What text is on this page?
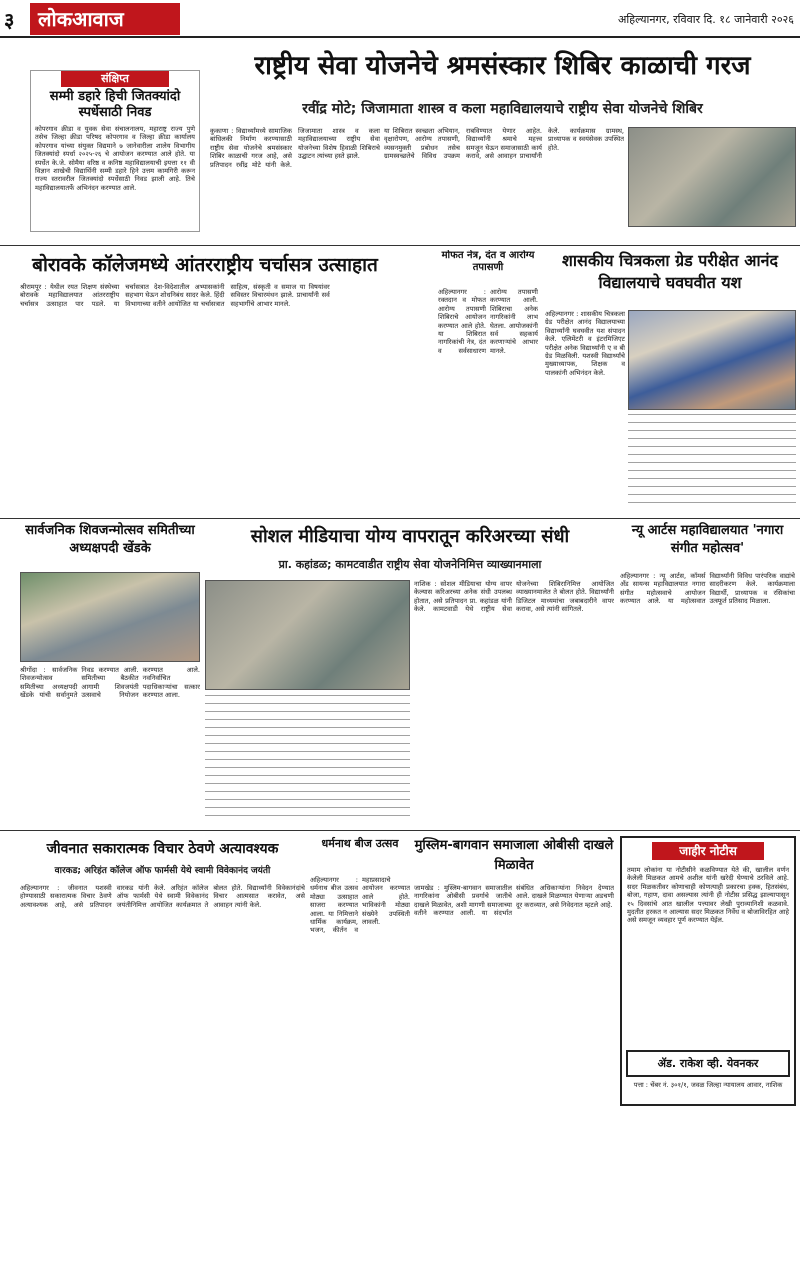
३	लोकआवाज	अहिल्यानगर, रविवार दि. १८ जानेवारी २०२६
संक्षिप्त
सम्मी डहारे हिची जितक्यांदो स्पर्धेसाठी निवड
कोपरगाव क्रीडा व युवक सेवा संचालनालय, महाराष्ट्र राज्य पुणे तसेच जिल्हा क्रीडा परिषद कोपरगाव व जिल्हा क्रीडा कार्यालय कोपरगाव यांच्या संयुक्त विद्यमाने ७ जानेवारीला शालेय विभागीय जितक्यांदो स्पर्धा २०२५-२६ चे आयोजन करण्यात आले होते. या स्पर्धेत के.जे. सोमैया वरिष्ठ व कनिष्ठ महाविद्यालयाची इयत्ता ११ वी विज्ञान शाखेची विद्यार्थिनी सम्मी डहारे हिने उत्तम कामगिरी करून राज्य स्तरावरील जितक्यांदो स्पर्धेसाठी निवड झाली आहे. तिचे महाविद्यालयातर्फे अभिनंदन करण्यात आले.
राष्ट्रीय सेवा योजनेचे श्रमसंस्कार शिबिर काळाची गरज
रवींद्र मोटे; जिजामाता शास्त्र व कला महाविद्यालयाचे राष्ट्रीय सेवा योजनेचे शिबिर
कुकाणा : विद्यार्थ्यांमध्ये सामाजिक बांधिलकी निर्माण करण्यासाठी राष्ट्रीय सेवा योजनेचे श्रमसंस्कार शिबिर काळाची गरज आहे, असे प्रतिपादन रवींद्र मोटे यांनी केले. जिजामाता शास्त्र व कला महाविद्यालयाच्या राष्ट्रीय सेवा योजनेच्या विशेष हिवाळी शिबिराचे उद्घाटन त्यांच्या हस्ते झाले.
या शिबिरात स्वच्छता अभियान, वृक्षारोपण, आरोग्य तपासणी, व्यसनमुक्ती प्रबोधन तसेच ग्रामस्वच्छतेचे विविध उपक्रम राबविण्यात येणार आहेत. विद्यार्थ्यांनी श्रमाचे महत्त्व समजून घेऊन समाजासाठी कार्य करावे, असे आवाहन प्राचार्यांनी केले. कार्यक्रमास ग्रामस्थ, प्राध्यापक व स्वयंसेवक उपस्थित होते.
बोरावके कॉलेजमध्ये आंतरराष्ट्रीय चर्चासत्र उत्साहात
श्रीरामपूर : येथील रयत शिक्षण संस्थेच्या बोरावके महाविद्यालयात आंतरराष्ट्रीय चर्चासत्र उत्साहात पार पडले. या चर्चासत्रात देश-विदेशातील अभ्यासकांनी सहभाग घेऊन शोधनिबंध सादर केले. हिंदी विभागाच्या वतीने आयोजित या चर्चासत्रात साहित्य, संस्कृती व समाज या विषयांवर सविस्तर विचारमंथन झाले. प्राचार्यांनी सर्व सहभागींचे आभार मानले.
मोफत नेत्र, दंत व आरोग्य तपासणी
अहिल्यानगर : रक्तदान व मोफत आरोग्य तपासणी शिबिराचे आयोजन करण्यात आले होते. या शिबिरात नागरिकांची नेत्र, दंत व सर्वसाधारण आरोग्य तपासणी करण्यात आली. शिबिराचा अनेक नागरिकांनी लाभ घेतला. आयोजकांनी सर्व सहकार्य करणाऱ्यांचे आभार मानले.
शासकीय चित्रकला ग्रेड परीक्षेत आनंद विद्यालयाचे घवघवीत यश
अहिल्यानगर : शासकीय चित्रकला ग्रेड परीक्षेत आनंद विद्यालयाच्या विद्यार्थ्यांनी घवघवीत यश संपादन केले. एलिमेंटरी व इंटरमिजिएट परीक्षेत अनेक विद्यार्थ्यांनी ए व बी ग्रेड मिळविली. यशस्वी विद्यार्थ्यांचे मुख्याध्यापक, शिक्षक व पालकांनी अभिनंदन केले.
सार्वजनिक शिवजन्मोत्सव समितीच्या अध्यक्षपदी खेंडके
श्रीगोंदा : सार्वजनिक शिवजन्मोत्सव समितीच्या अध्यक्षपदी खेंडके यांची सर्वानुमते निवड करण्यात आली. समितीच्या बैठकीत आगामी शिवजयंती उत्सवाचे नियोजन करण्यात आले. नवनिर्वाचित पदाधिकाऱ्यांचा सत्कार करण्यात आला.
सोशल मीडियाचा योग्य वापरातून करिअरच्या संधी
प्रा. कहांडळ; कामटवाडीत राष्ट्रीय सेवा योजनेनिमित्त व्याख्यानमाला
नाशिक : सोशल मीडियाचा योग्य वापर केल्यास करिअरच्या अनेक संधी उपलब्ध होतात, असे प्रतिपादन प्रा. कहांडळ यांनी केले. कामटवाडी येथे राष्ट्रीय सेवा योजनेच्या शिबिरानिमित्त आयोजित व्याख्यानमालेत ते बोलत होते. विद्यार्थ्यांनी डिजिटल माध्यमांचा जबाबदारीने वापर करावा, असे त्यांनी सांगितले.
न्यू आर्टस महाविद्यालयात 'नगारा संगीत महोत्सव'
अहिल्यानगर : न्यू आर्टस, कॉमर्स अँड सायन्स महाविद्यालयात नगारा संगीत महोत्सवाचे आयोजन करण्यात आले. या महोत्सवात विद्यार्थ्यांनी विविध पारंपरिक वाद्यांचे सादरीकरण केले. कार्यक्रमाला विद्यार्थी, प्राध्यापक व रसिकांचा उत्स्फूर्त प्रतिसाद मिळाला.
जीवनात सकारात्मक विचार ठेवणे अत्यावश्यक
वारकड; अरिहंत कॉलेज ऑफ फार्मसी येथे स्वामी विवेकानंद जयंती
अहिल्यानगर : जीवनात यशस्वी होण्यासाठी सकारात्मक विचार ठेवणे अत्यावश्यक आहे, असे प्रतिपादन वारकड यांनी केले. अरिहंत कॉलेज ऑफ फार्मसी येथे स्वामी विवेकानंद जयंतीनिमित्त आयोजित कार्यक्रमात ते बोलत होते. विद्यार्थ्यांनी विवेकानंदांचे विचार आत्मसात करावेत, असे आवाहन त्यांनी केले.
धर्मनाथ बीज उत्सव
अहिल्यानगर : धर्मनाथ बीज उत्सव मोठ्या उत्साहात साजरा करण्यात आला. या निमित्ताने धार्मिक कार्यक्रम, भजन, कीर्तन व महाप्रसादाचे आयोजन करण्यात आले होते. भाविकांनी मोठ्या संख्येने उपस्थिती लावली.
मुस्लिम-बागवान समाजाला ओबीसी दाखले मिळावेत
जामखेड : मुस्लिम-बागवान समाजातील नागरिकांना ओबीसी प्रवर्गाचे जातीचे दाखले मिळावेत, अशी मागणी समाजाच्या वतीने करण्यात आली. या संदर्भात संबंधित अधिकाऱ्यांना निवेदन देण्यात आले. दाखले मिळण्यात येणाऱ्या अडचणी दूर कराव्यात, असे निवेदनात म्हटले आहे.
जाहीर नोटीस
तमाम लोकांना या नोटीसीने कळविण्यात येते की, खालील वर्णन केलेली मिळकत आमचे अशील यांनी खरेदी घेण्याचे ठरविले आहे. सदर मिळकतीवर कोणाचाही कोणत्याही प्रकारचा हक्क, हितसंबंध, बोजा, गहाण, दावा असल्यास त्यांनी ही नोटीस प्रसिद्ध झाल्यापासून १५ दिवसांचे आत खालील पत्त्यावर लेखी पुराव्यानिशी कळवावे. मुदतीत हरकत न आल्यास सदर मिळकत निर्वेध व बोजाविरहित आहे असे समजून व्यवहार पूर्ण करण्यात येईल.
ॲड. राकेश व्ही. येवनकर
पत्ता : चेंबर नं. ३०१/१, जवळ जिल्हा न्यायालय आवार, नाशिक
